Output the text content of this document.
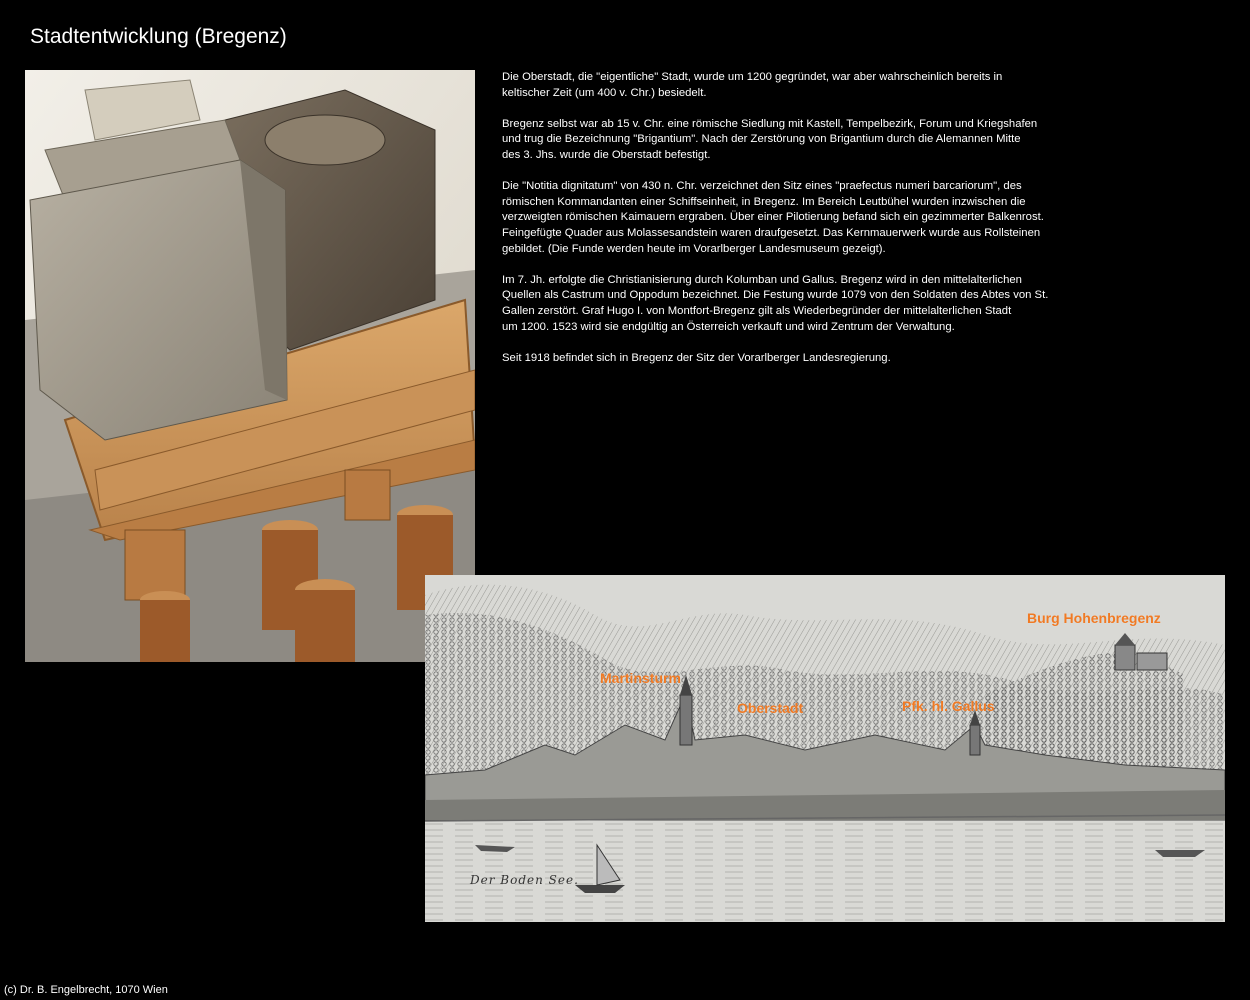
Stadtentwicklung (Bregenz)

Die Oberstadt, die "eigentliche" Stadt, wurde um 1200 gegründet, war aber wahrscheinlich bereits in
keltischer Zeit (um 400 v. Chr.) besiedelt.

Bregenz selbst war ab 15 v. Chr. eine römische Siedlung mit Kastell, Tempelbezirk, Forum und Kriegshafen
und trug die Bezeichnung "Brigantium". Nach der Zerstörung von Brigantium durch die Alemannen Mitte
des 3. Jhs. wurde die Oberstadt befestigt.

Die "Notitia dignitatum" von 430 n. Chr. verzeichnet den Sitz eines "praefectus numeri barcariorum", des
römischen Kommandanten einer Schiffseinheit, in Bregenz. Im Bereich Leutbühel wurden inzwischen die
verzweigten römischen Kaimauern ergraben. Über einer Pilotierung befand sich ein gezimmerter Balkenrost.
Feingefügte Quader aus Molassesandstein waren draufgesetzt. Das Kernmauerwerk wurde aus Rollsteinen
gebildet. (Die Funde werden heute im Vorarlberger Landesmuseum gezeigt).

Im 7. Jh. erfolgte die Christianisierung durch Kolumban und Gallus. Bregenz wird in den mittelalterlichen
Quellen als Castrum und Oppodum bezeichnet. Die Festung wurde 1079 von den Soldaten des Abtes von St.
Gallen zerstört. Graf Hugo I. von Montfort-Bregenz gilt als Wiederbegründer der mittelalterlichen Stadt
um 1200. 1523 wird sie endgültig an Österreich verkauft und wird Zentrum der Verwaltung.

Seit 1918 befindet sich in Bregenz der Sitz der Vorarlberger Landesregierung.

Martinsturm
Oberstadt	Pfk. hl. Gallus
Burg Hohenbregenz
Der Boden See.
(c) Dr. B. Engelbrecht, 1070 Wien
